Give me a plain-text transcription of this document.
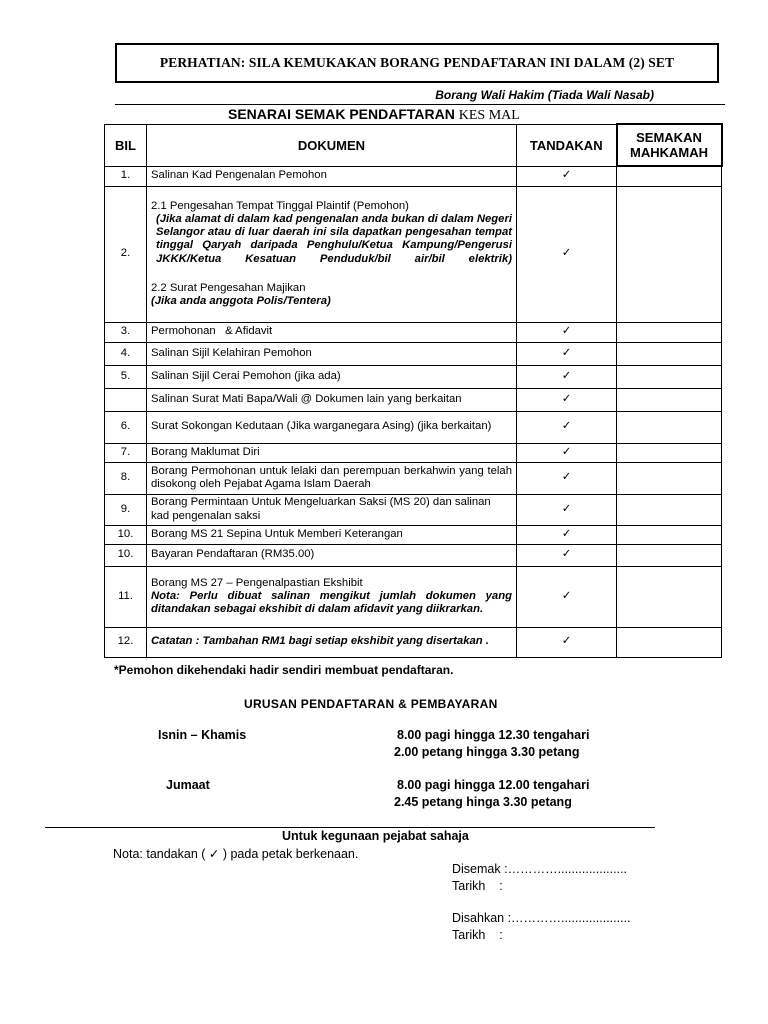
PERHATIAN: SILA KEMUKAKAN BORANG PENDAFTARAN INI DALAM (2) SET
Borang Wali Hakim (Tiada Wali Nasab)
SENARAI SEMAK PENDAFTARAN KES MAL
BIL	DOKUMEN	TANDAKAN	SEMAKAN MAHKAMAH
1.	Salinan Kad Pengenalan Pemohon	✓	
2.	2.1 Pengesahan Tempat Tinggal Plaintif (Pemohon)
(Jika alamat di dalam kad pengenalan anda bukan di dalam Negeri Selangor atau di luar daerah ini sila dapatkan pengesahan tempat tinggal Qaryah daripada Penghulu/Ketua Kampung/Pengerusi JKKK/Ketua Kesatuan Penduduk/bil air/bil elektrik)
2.2 Surat Pengesahan Majikan
(Jika anda anggota Polis/Tentera)	✓	
3.	Permohonan   & Afidavit	✓	
4.	Salinan Sijil Kelahiran Pemohon	✓	
5.	Salinan Sijil Cerai Pemohon (jika ada)	✓	
	Salinan Surat Mati Bapa/Wali @ Dokumen lain yang berkaitan	✓	
6.	Surat Sokongan Kedutaan (Jika warganegara Asing) (jika berkaitan)	✓	
7.	Borang Maklumat Diri	✓	
8.	Borang Permohonan untuk lelaki dan perempuan berkahwin yang telah disokong oleh Pejabat Agama Islam Daerah	✓	
9.	Borang Permintaan Untuk Mengeluarkan Saksi (MS 20) dan salinan kad pengenalan saksi	✓	
10.	Borang MS 21 Sepina Untuk Memberi Keterangan	✓	
10.	Bayaran Pendaftaran (RM35.00)	✓	
11.	Borang MS 27 – Pengenalpastian Ekshibit
Nota: Perlu dibuat salinan mengikut jumlah dokumen yang ditandakan sebagai ekshibit di dalam afidavit yang diikrarkan.	✓	
12.	Catatan : Tambahan RM1 bagi setiap ekshibit yang disertakan .	✓	
*Pemohon dikehendaki hadir sendiri membuat pendaftaran.
URUSAN PENDAFTARAN & PEMBAYARAN
Isnin – Khamis	8.00 pagi hingga 12.30 tengahari
2.00 petang hingga 3.30 petang
Jumaat	8.00 pagi hingga 12.00 tengahari
2.45 petang hinga 3.30 petang
Untuk kegunaan pejabat sahaja
Nota: tandakan ( ✓ ) pada petak berkenaan.
Disemak :…………....................
Tarikh    :
Disahkan :…………....................
Tarikh    :
